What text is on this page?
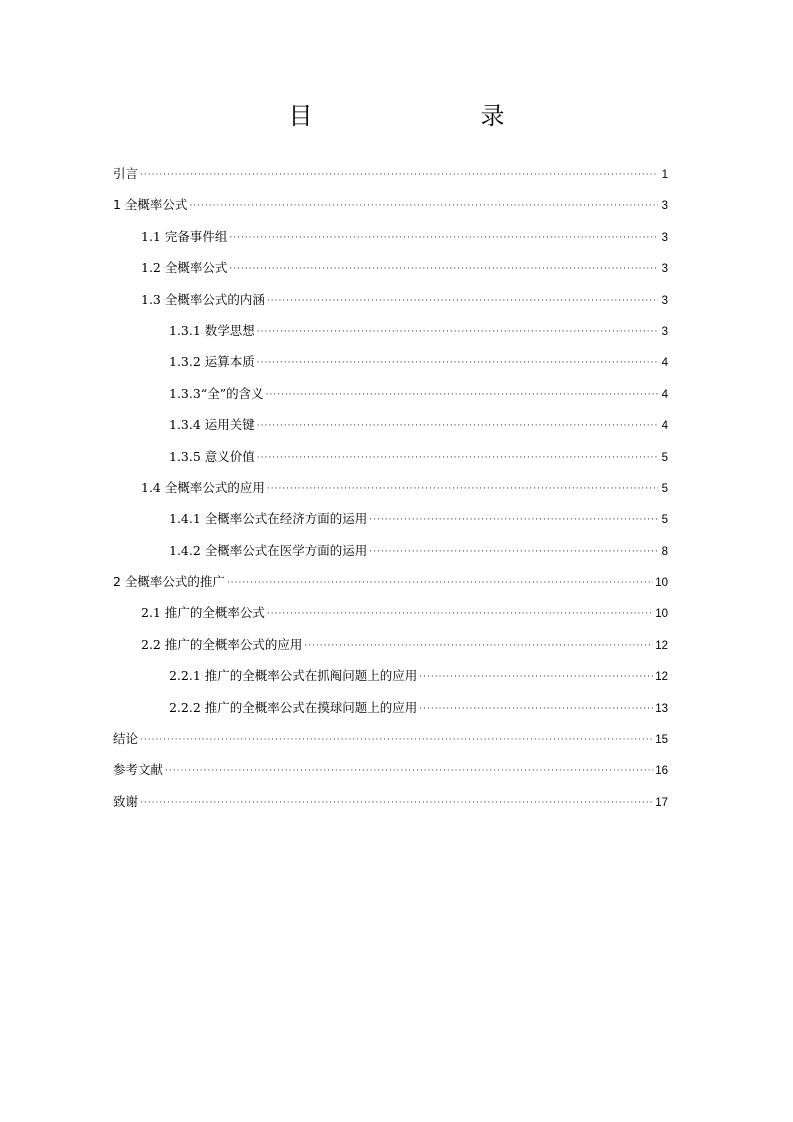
目　　录
引言 ·····	1
1 全概率公式 ·····	3
1.1 完备事件组 ·····	3
1.2 全概率公式 ·····	3
1.3 全概率公式的内涵 ·····	3
1.3.1 数学思想 ·····	3
1.3.2 运算本质 ·····	4
1.3.3“全”的含义 ·····	4
1.3.4 运用关键 ·····	4
1.3.5 意义价值 ·····	5
1.4 全概率公式的应用 ·····	5
1.4.1 全概率公式在经济方面的运用 ·····	5
1.4.2 全概率公式在医学方面的运用 ·····	8
2 全概率公式的推广 ·····	10
2.1 推广的全概率公式 ·····	10
2.2 推广的全概率公式的应用 ·····	12
2.2.1 推广的全概率公式在抓阄问题上的应用 ·····	12
2.2.2 推广的全概率公式在摸球问题上的应用 ·····	13
结论 ·····	15
参考文献 ·····	16
致谢 ·····	17
